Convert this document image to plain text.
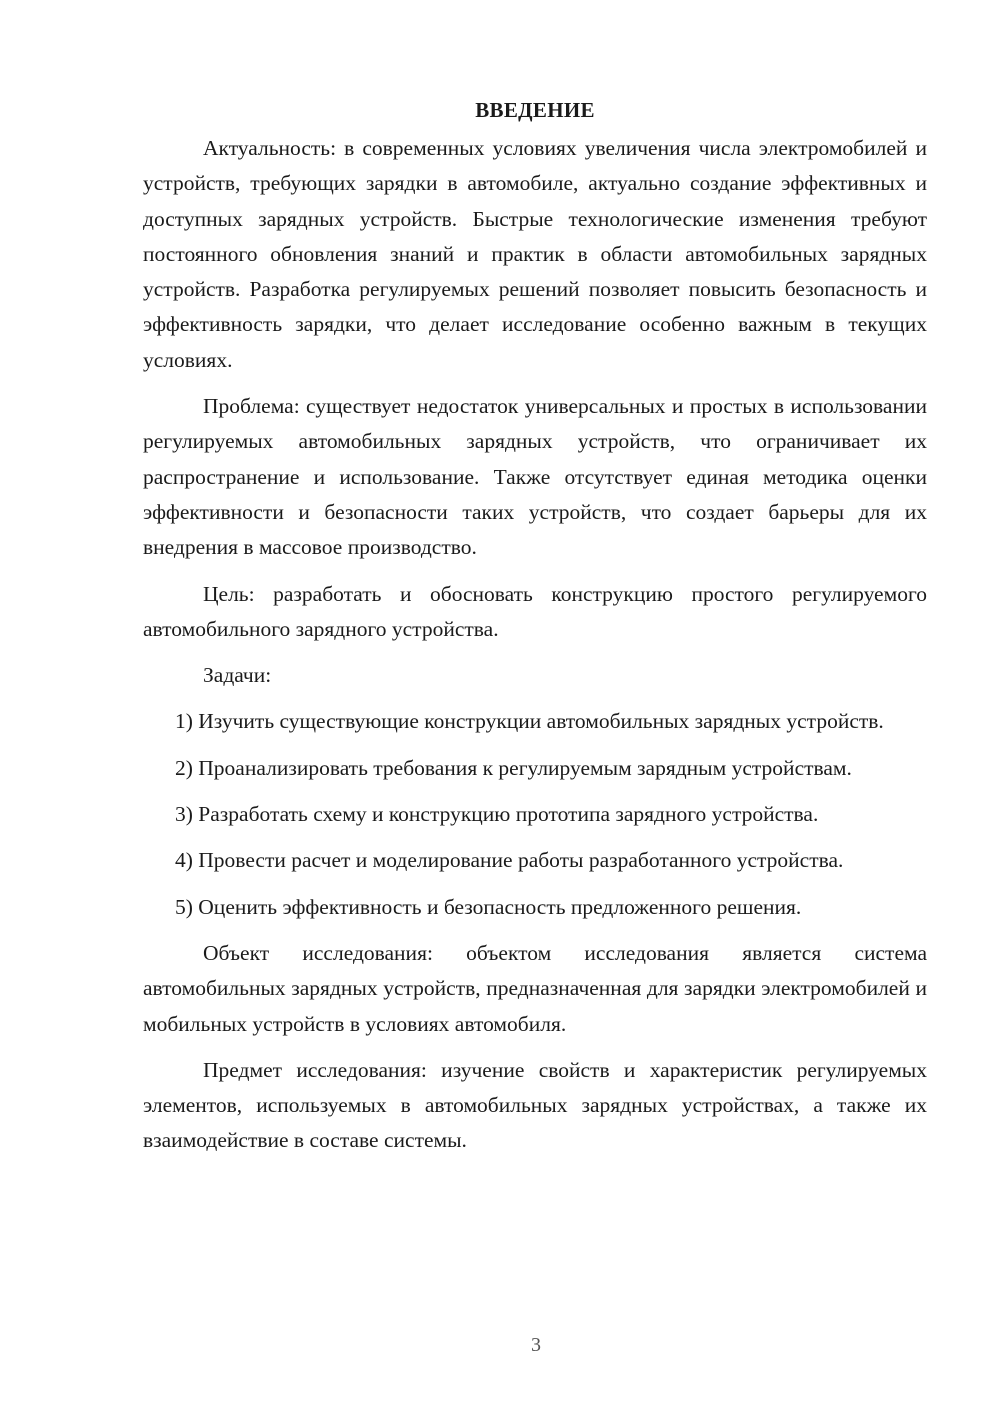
ВВЕДЕНИЕ

Актуальность: в современных условиях увеличения числа электромобилей и устройств, требующих зарядки в автомобиле, актуально создание эффективных и доступных зарядных устройств. Быстрые технологические изменения требуют постоянного обновления знаний и практик в области автомобильных зарядных устройств. Разработка регулируемых решений позволяет повысить безопасность и эффективность зарядки, что делает исследование особенно важным в текущих условиях.

Проблема: существует недостаток универсальных и простых в использовании регулируемых автомобильных зарядных устройств, что ограничивает их распространение и использование. Также отсутствует единая методика оценки эффективности и безопасности таких устройств, что создает барьеры для их внедрения в массовое производство.

Цель: разработать и обосновать конструкцию простого регулируемого автомобильного зарядного устройства.

Задачи:

1) Изучить существующие конструкции автомобильных зарядных устройств.

2) Проанализировать требования к регулируемым зарядным устройствам.

3) Разработать схему и конструкцию прототипа зарядного устройства.

4) Провести расчет и моделирование работы разработанного устройства.

5) Оценить эффективность и безопасность предложенного решения.

Объект исследования: объектом исследования является система автомобильных зарядных устройств, предназначенная для зарядки электромобилей и мобильных устройств в условиях автомобиля.

Предмет исследования: изучение свойств и характеристик регулируемых элементов, используемых в автомобильных зарядных устройствах, а также их взаимодействие в составе системы.

3
